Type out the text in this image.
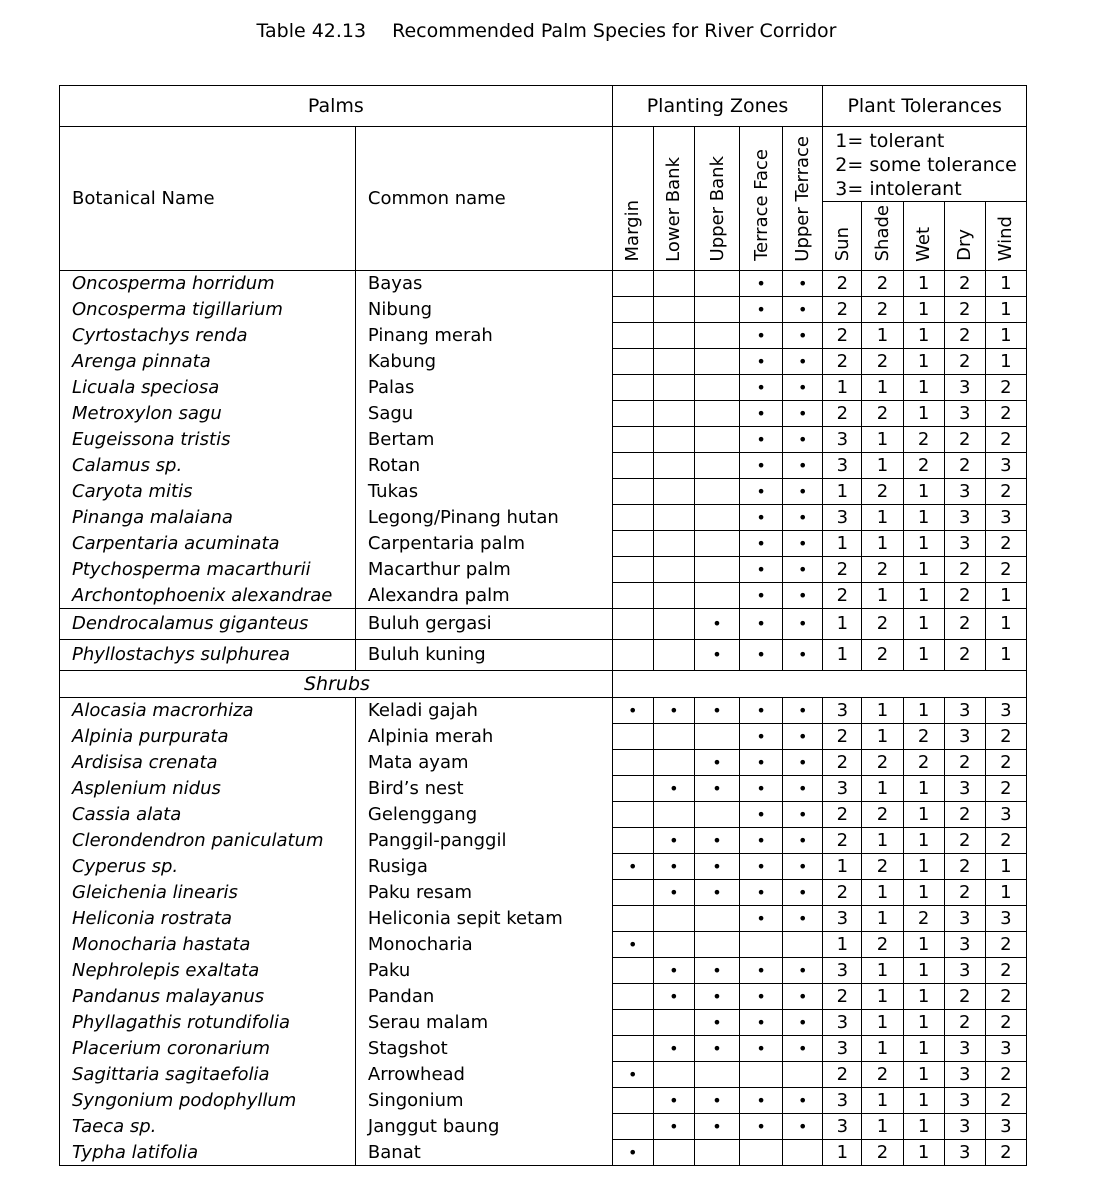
Table 42.13 Recommended Palm Species for River Corridor
Palms		Planting Zones					Plant Tolerances				
Botanical Name	Common name	Margin	Lower Bank	Upper Bank	Terrace Face	Upper Terrace	1= tolerant
2= some tolerance
3= intolerant				

							Sun	Shade	Wet	Dry	Wind
Oncosperma horridum	Bayas				•	•	2	2	1	2	1
Oncosperma tigillarium	Nibung				•	•	2	2	1	2	1
Cyrtostachys renda	Pinang merah				•	•	2	1	1	2	1
Arenga pinnata	Kabung				•	•	2	2	1	2	1
Licuala speciosa	Palas				•	•	1	1	1	3	2
Metroxylon sagu	Sagu				•	•	2	2	1	3	2
Eugeissona tristis	Bertam				•	•	3	1	2	2	2
Calamus sp.	Rotan				•	•	3	1	2	2	3
Caryota mitis	Tukas				•	•	1	2	1	3	2
Pinanga malaiana	Legong/Pinang hutan				•	•	3	1	1	3	3
Carpentaria acuminata	Carpentaria palm				•	•	1	1	1	3	2
Ptychosperma macarthurii	Macarthur palm				•	•	2	2	1	2	2
Archontophoenix alexandrae	Alexandra palm				•	•	2	1	1	2	1
Dendrocalamus giganteus	Buluh gergasi			•	•	•	1	2	1	2	1
Phyllostachys sulphurea	Buluh kuning			•	•	•	1	2	1	2	1
Shrubs											
Alocasia macrorhiza	Keladi gajah	•	•	•	•	•	3	1	1	3	3
Alpinia purpurata	Alpinia merah				•	•	2	1	2	3	2
Ardisisa crenata	Mata ayam			•	•	•	2	2	2	2	2
Asplenium nidus	Bird’s nest		•	•	•	•	3	1	1	3	2
Cassia alata	Gelenggang				•	•	2	2	1	2	3
Clerondendron paniculatum	Panggil-panggil		•	•	•	•	2	1	1	2	2
Cyperus sp.	Rusiga	•	•	•	•	•	1	2	1	2	1
Gleichenia linearis	Paku resam		•	•	•	•	2	1	1	2	1
Heliconia rostrata	Heliconia sepit ketam				•	•	3	1	2	3	3
Monocharia hastata	Monocharia	•					1	2	1	3	2
Nephrolepis exaltata	Paku		•	•	•	•	3	1	1	3	2
Pandanus malayanus	Pandan		•	•	•	•	2	1	1	2	2
Phyllagathis rotundifolia	Serau malam			•	•	•	3	1	1	2	2
Placerium coronarium	Stagshot		•	•	•	•	3	1	1	3	3
Sagittaria sagitaefolia	Arrowhead	•					2	2	1	3	2
Syngonium podophyllum	Singonium		•	•	•	•	3	1	1	3	2
Taeca sp.	Janggut baung		•	•	•	•	3	1	1	3	3
Typha latifolia	Banat	•					1	2	1	3	2
